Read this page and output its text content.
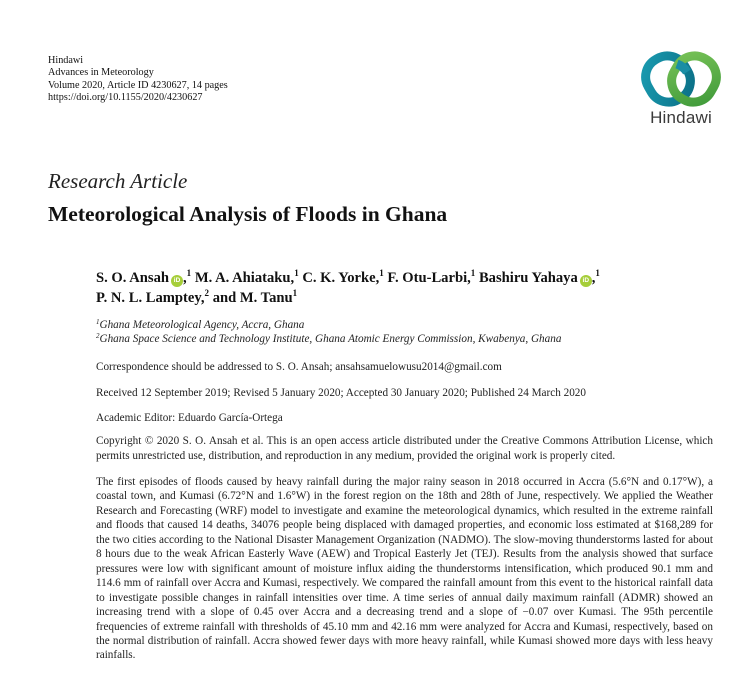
Hindawi
Advances in Meteorology
Volume 2020, Article ID 4230627, 14 pages
https://doi.org/10.1155/2020/4230627
Hindawi
Research Article
Meteorological Analysis of Floods in Ghana
S. O. Ansah iD ,$^1$ M. A. Ahiataku,$^1$ C. K. Yorke,$^1$ F. Otu-Larbi,$^1$ Bashiru Yahaya iD ,$^1$
P. N. L. Lamptey,$^2$ and M. Tanu$^1$
$^1$Ghana Meteorological Agency, Accra, Ghana
$^2$Ghana Space Science and Technology Institute, Ghana Atomic Energy Commission, Kwabenya, Ghana
Correspondence should be addressed to S. O. Ansah; ansahsamuelowusu2014@gmail.com
Received 12 September 2019; Revised 5 January 2020; Accepted 30 January 2020; Published 24 March 2020
Academic Editor: Eduardo García-Ortega
Copyright © 2020 S. O. Ansah et al. This is an open access article distributed under the Creative Commons Attribution License, which permits unrestricted use, distribution, and reproduction in any medium, provided the original work is properly cited.
The first episodes of floods caused by heavy rainfall during the major rainy season in 2018 occurred in Accra (5.6°N and 0.17°W), a coastal town, and Kumasi (6.72°N and 1.6°W) in the forest region on the 18th and 28th of June, respectively. We applied the Weather Research and Forecasting (WRF) model to investigate and examine the meteorological dynamics, which resulted in the extreme rainfall and floods that caused 14 deaths, 34076 people being displaced with damaged properties, and economic loss estimated at $168,289 for the two cities according to the National Disaster Management Organization (NADMO). The slow-moving thunderstorms lasted for about 8 hours due to the weak African Easterly Wave (AEW) and Tropical Easterly Jet (TEJ). Results from the analysis showed that surface pressures were low with significant amount of moisture influx aiding the thunderstorms intensification, which produced 90.1 mm and 114.6 mm of rainfall over Accra and Kumasi, respectively. We compared the rainfall amount from this event to the historical rainfall data to investigate possible changes in rainfall intensities over time. A time series of annual daily maximum rainfall (ADMR) showed an increasing trend with a slope of 0.45 over Accra and a decreasing trend and a slope of −0.07 over Kumasi. The 95th percentile frequencies of extreme rainfall with thresholds of 45.10 mm and 42.16 mm were analyzed for Accra and Kumasi, respectively, based on the normal distribution of rainfall. Accra showed fewer days with more heavy rainfall, while Kumasi showed more days with less heavy rainfalls.
